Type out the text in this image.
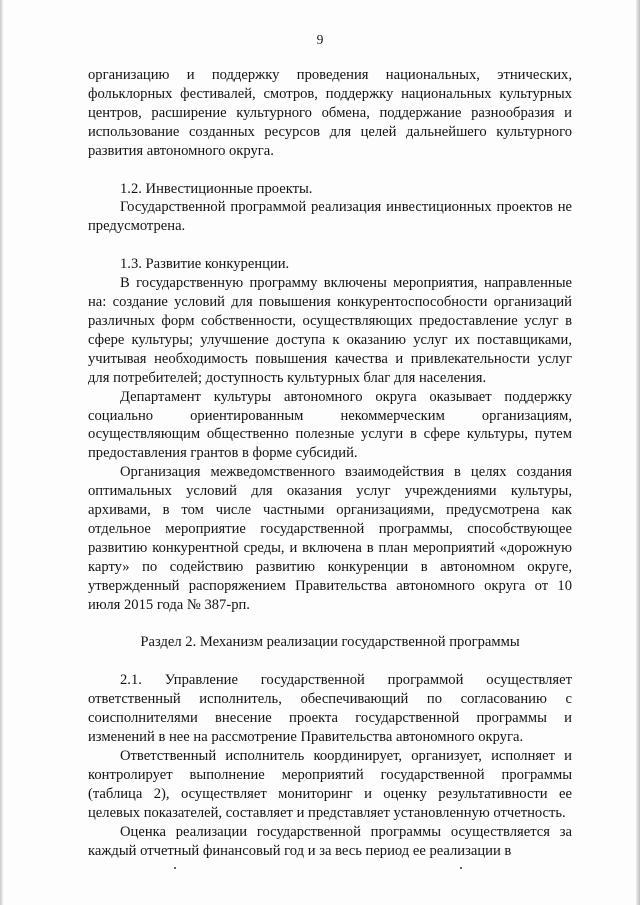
9

организацию и поддержку проведения национальных, этнических, фольклорных фестивалей, смотров, поддержку национальных культурных центров, расширение культурного обмена, поддержание разнообразия и использование созданных ресурсов для целей дальнейшего культурного развития автономного округа.

1.2. Инвестиционные проекты.

Государственной программой реализация инвестиционных проектов не предусмотрена.

1.3. Развитие конкуренции.

В государственную программу включены мероприятия, направленные на: создание условий для повышения конкурентоспособности организаций различных форм собственности, осуществляющих предоставление услуг в сфере культуры; улучшение доступа к оказанию услуг их поставщиками, учитывая необходимость повышения качества и привлекательности услуг для потребителей; доступность культурных благ для населения.

Департамент культуры автономного округа оказывает поддержку социально ориентированным некоммерческим организациям, осуществляющим общественно полезные услуги в сфере культуры, путем предоставления грантов в форме субсидий.

Организация межведомственного взаимодействия в целях создания оптимальных условий для оказания услуг учреждениями культуры, архивами, в том числе частными организациями, предусмотрена как отдельное мероприятие государственной программы, способствующее развитию конкурентной среды, и включена в план мероприятий «дорожную карту» по содействию развитию конкуренции в автономном округе, утвержденный распоряжением Правительства автономного округа от 10 июля 2015 года № 387-рп.

Раздел 2. Механизм реализации государственной программы

2.1. Управление государственной программой осуществляет ответственный исполнитель, обеспечивающий по согласованию с соисполнителями внесение проекта государственной программы и изменений в нее на рассмотрение Правительства автономного округа.

Ответственный исполнитель координирует, организует, исполняет и контролирует выполнение мероприятий государственной программы (таблица 2), осуществляет мониторинг и оценку результативности ее целевых показателей, составляет и представляет установленную отчетность.

Оценка реализации государственной программы осуществляется за каждый отчетный финансовый год и за весь период ее реализации в
